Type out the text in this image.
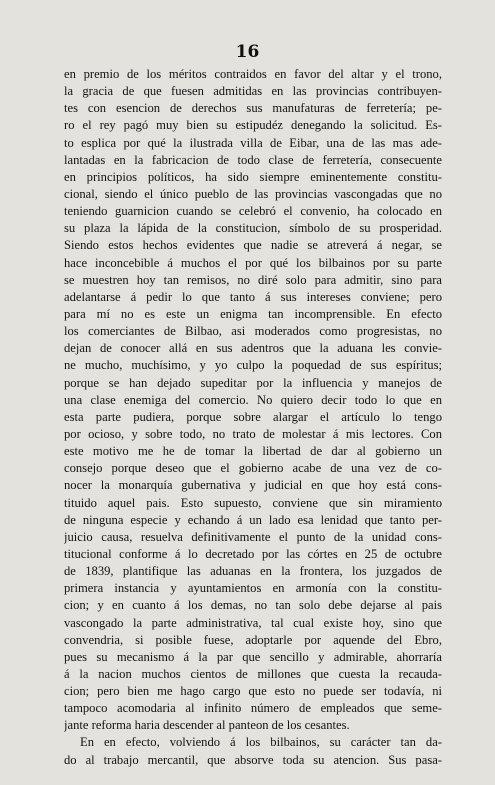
16
en premio de los méritos contraidos en favor del altar y el trono,
la gracia de que fuesen admitidas en las provincias contribuyen-
tes con esencion de derechos sus manufaturas de ferretería; pe-
ro el rey pagó muy bien su estipudéz denegando la solicitud. Es-
to esplica por qué la ilustrada villa de Eibar, una de las mas ade-
lantadas en la fabricacion de todo clase de ferretería, consecuente
en principios políticos, ha sido siempre eminentemente constitu-
cional, siendo el único pueblo de las provincias vascongadas que no
teniendo guarnicion cuando se celebró el convenio, ha colocado en
su plaza la lápida de la constitucion, símbolo de su prosperidad.
Siendo estos hechos evidentes que nadie se atreverá á negar, se
hace inconcebible á muchos el por qué los bilbainos por su parte
se muestren hoy tan remisos, no diré solo para admitir, sino para
adelantarse á pedir lo que tanto á sus intereses conviene; pero
para mí no es este un enigma tan incomprensible. En efecto
los comerciantes de Bilbao, asi moderados como progresistas, no
dejan de conocer allá en sus adentros que la aduana les convie-
ne mucho, muchísimo, y yo culpo la poquedad de sus espíritus;
porque se han dejado supeditar por la influencia y manejos de
una clase enemiga del comercio. No quiero decir todo lo que en
esta parte pudiera, porque sobre alargar el artículo lo tengo
por ocioso, y sobre todo, no trato de molestar á mis lectores. Con
este motivo me he de tomar la libertad de dar al gobierno un
consejo porque deseo que el gobierno acabe de una vez de co-
nocer la monarquía gubernativa y judicial en que hoy está cons-
tituido aquel pais. Esto supuesto, conviene que sin miramiento
de ninguna especie y echando á un lado esa lenidad que tanto per-
juicio causa, resuelva definitivamente el punto de la unidad cons-
titucional conforme á lo decretado por las córtes en 25 de octubre
de 1839, plantifique las aduanas en la frontera, los juzgados de
primera instancia y ayuntamientos en armonía con la constitu-
cion; y en cuanto á los demas, no tan solo debe dejarse al pais
vascongado la parte administrativa, tal cual existe hoy, sino que
convendria, si posible fuese, adoptarle por aquende del Ebro,
pues su mecanismo á la par que sencillo y admirable, ahorraría
á la nacion muchos cientos de millones que cuesta la recauda-
cion; pero bien me hago cargo que esto no puede ser todavía, ni
tampoco acomodaria al infinito número de empleados que seme-
jante reforma haria descender al panteon de los cesantes.
En en efecto, volviendo á los bilbainos, su carácter tan da-
do al trabajo mercantil, que absorve toda su atencion. Sus pasa-
